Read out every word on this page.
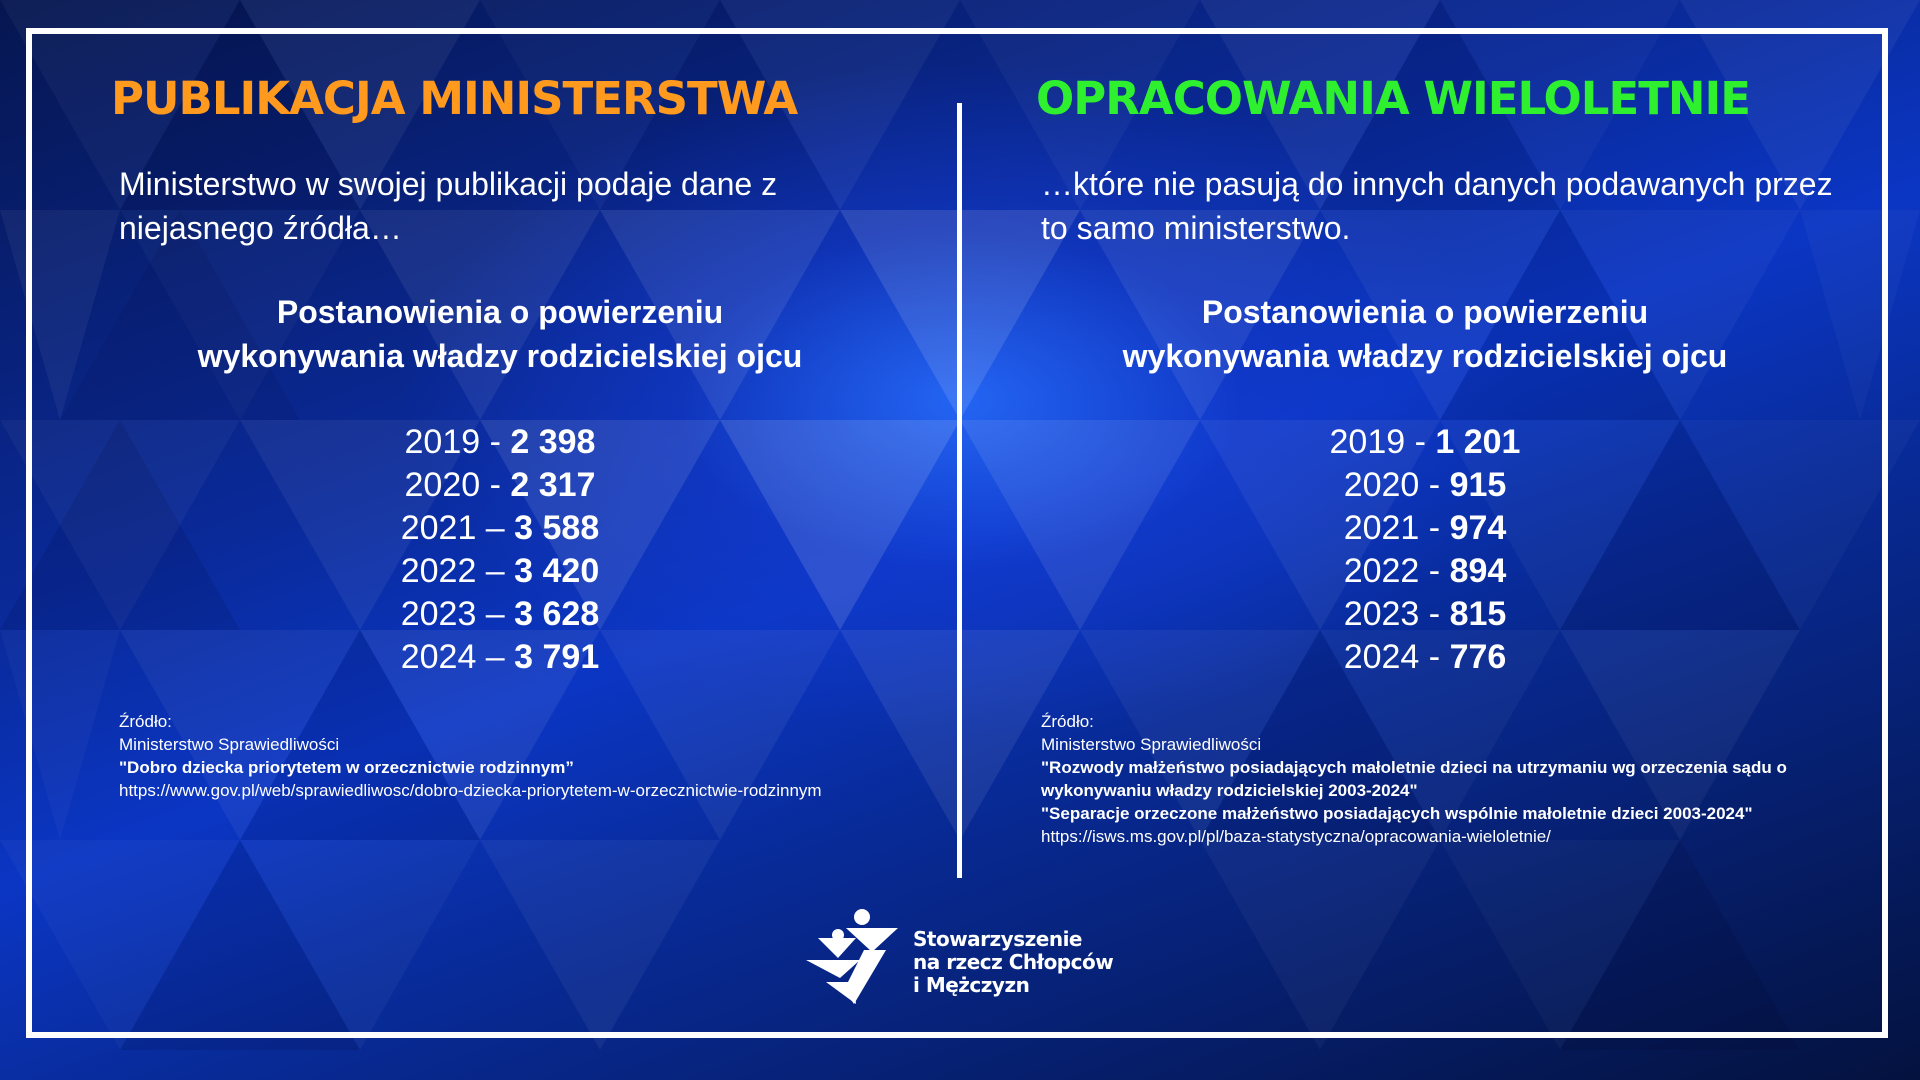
PUBLIKACJA MINISTERSTWA

Ministerstwo w swojej publikacji podaje dane z niejasnego źródła…

Postanowienia o powierzeniu
wykonywania władzy rodzicielskiej ojcu
2019 - 2 398
2020 - 2 317
2021 – 3 588
2022 – 3 420
2023 – 3 628
2024 – 3 791
Źródło:
Ministerstwo Sprawiedliwości
"Dobro dziecka priorytetem w orzecznictwie rodzinnym”
https://www.gov.pl/web/sprawiedliwosc/dobro-dziecka-priorytetem-w-orzecznictwie-rodzinnym
OPRACOWANIA WIELOLETNIE

…które nie pasują do innych danych podawanych przez to samo ministerstwo.

Postanowienia o powierzeniu
wykonywania władzy rodzicielskiej ojcu
2019 - 1 201
2020 - 915
2021 - 974
2022 - 894
2023 - 815
2024 - 776
Źródło:
Ministerstwo Sprawiedliwości
"Rozwody małżeństwo posiadających małoletnie dzieci na utrzymaniu wg orzeczenia sądu o wykonywaniu władzy rodzicielskiej 2003-2024"
"Separacje orzeczone małżeństwo posiadających wspólnie małoletnie dzieci 2003-2024"
https://isws.ms.gov.pl/pl/baza-statystyczna/opracowania-wieloletnie/
Stowarzyszenie
na rzecz Chłopców
i Mężczyzn
